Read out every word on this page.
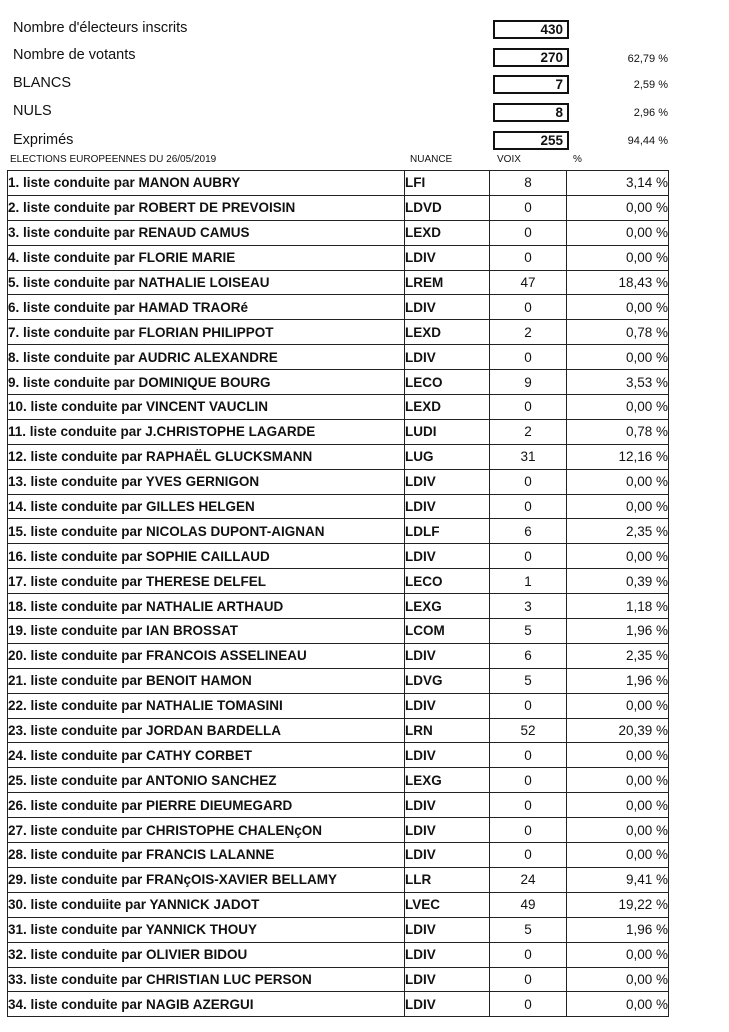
Nombre d'électeurs inscrits	430
Nombre de votants	270	62,79 %
BLANCS	7	2,59 %
NULS	8	2,96 %
Exprimés	255	94,44 %
ELECTIONS EUROPEENNES DU 26/05/2019	NUANCE	VOIX	%
1. liste conduite par MANON AUBRY	LFI	8	3,14 %
2. liste conduite par ROBERT DE PREVOISIN	LDVD	0	0,00 %
3. liste conduite par RENAUD CAMUS	LEXD	0	0,00 %
4. liste conduite par FLORIE MARIE	LDIV	0	0,00 %
5. liste conduite par NATHALIE LOISEAU	LREM	47	18,43 %
6. liste conduite par HAMAD TRAORé	LDIV	0	0,00 %
7. liste conduite par FLORIAN PHILIPPOT	LEXD	2	0,78 %
8. liste conduite par AUDRIC ALEXANDRE	LDIV	0	0,00 %
9. liste conduite par DOMINIQUE BOURG	LECO	9	3,53 %
10. liste conduite par VINCENT VAUCLIN	LEXD	0	0,00 %
11. liste conduite par J.CHRISTOPHE LAGARDE	LUDI	2	0,78 %
12. liste conduite par RAPHAËL GLUCKSMANN	LUG	31	12,16 %
13. liste conduite par YVES GERNIGON	LDIV	0	0,00 %
14. liste conduite par GILLES HELGEN	LDIV	0	0,00 %
15. liste conduite par NICOLAS DUPONT-AIGNAN	LDLF	6	2,35 %
16. liste conduite par SOPHIE CAILLAUD	LDIV	0	0,00 %
17. liste conduite par THERESE DELFEL	LECO	1	0,39 %
18. liste conduite par NATHALIE ARTHAUD	LEXG	3	1,18 %
19. liste conduite par IAN BROSSAT	LCOM	5	1,96 %
20. liste conduite par FRANCOIS ASSELINEAU	LDIV	6	2,35 %
21. liste conduite par BENOIT HAMON	LDVG	5	1,96 %
22. liste conduite par NATHALIE TOMASINI	LDIV	0	0,00 %
23. liste conduite par JORDAN BARDELLA	LRN	52	20,39 %
24. liste conduite par CATHY CORBET	LDIV	0	0,00 %
25. liste conduite par ANTONIO SANCHEZ	LEXG	0	0,00 %
26. liste conduite par PIERRE DIEUMEGARD	LDIV	0	0,00 %
27. liste conduite par CHRISTOPHE CHALENçON	LDIV	0	0,00 %
28. liste conduite par FRANCIS LALANNE	LDIV	0	0,00 %
29. liste conduite par FRANçOIS-XAVIER BELLAMY	LLR	24	9,41 %
30. liste conduiite par YANNICK JADOT	LVEC	49	19,22 %
31. liste conduite par YANNICK THOUY	LDIV	5	1,96 %
32. liste conduite par OLIVIER BIDOU	LDIV	0	0,00 %
33. liste conduite par CHRISTIAN LUC PERSON	LDIV	0	0,00 %
34. liste conduite par NAGIB AZERGUI	LDIV	0	0,00 %
